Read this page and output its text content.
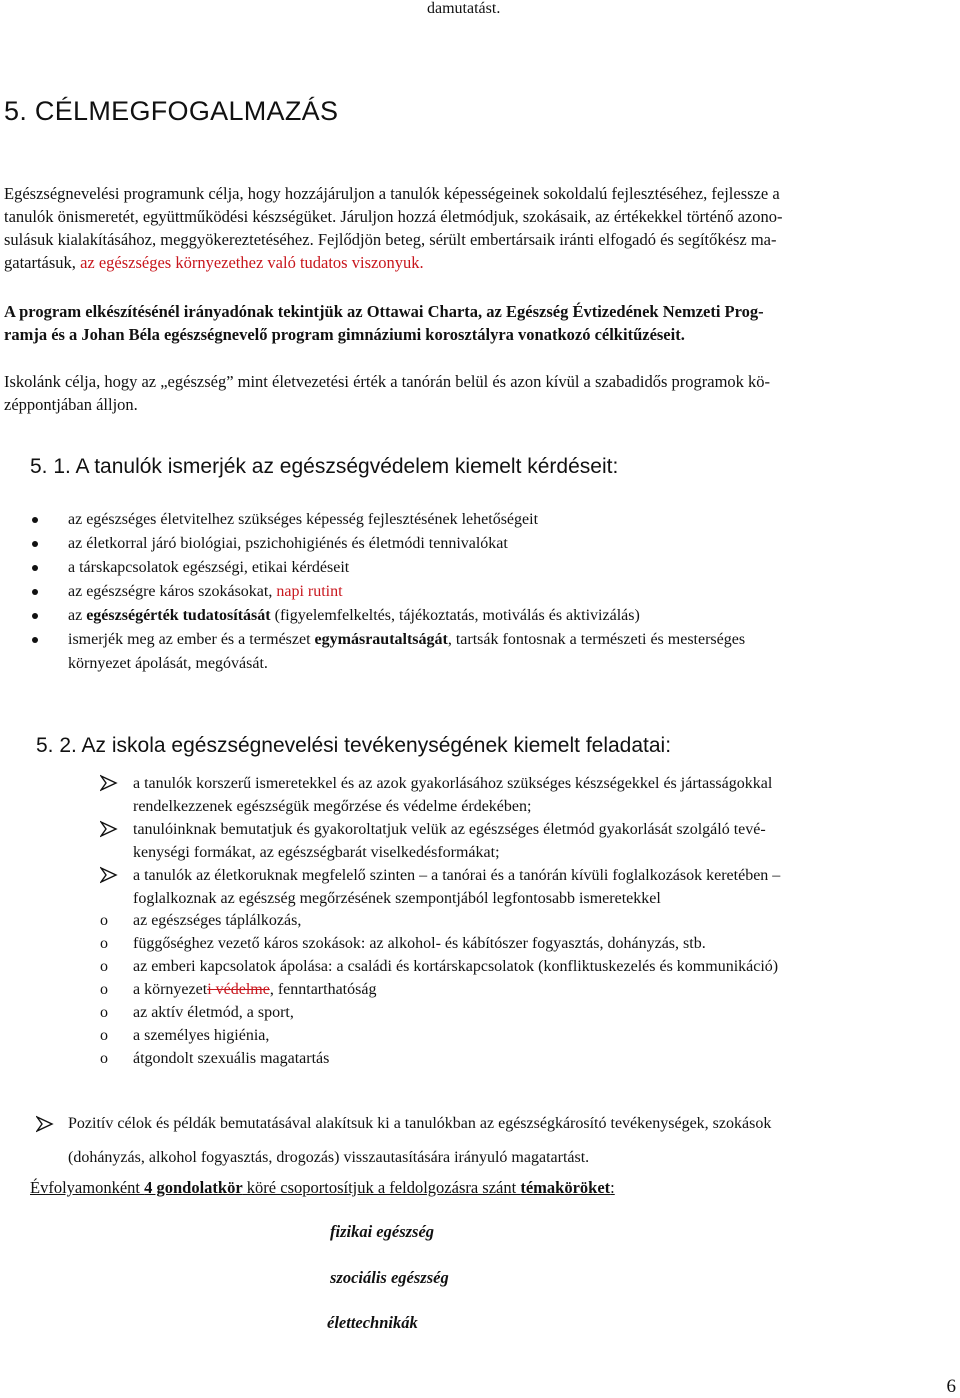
damutatást.
5. CÉLMEGFOGALMAZÁS
Egészségnevelési programunk célja, hogy hozzájáruljon a tanulók képességeinek sokoldalú fejlesztéséhez, fejlessze a
tanulók önismeretét, együttműködési készségüket. Járuljon hozzá életmódjuk, szokásaik, az értékekkel történő azono-
sulásuk kialakításához, meggyökereztetéséhez. Fejlődjön beteg, sérült embertársaik iránti elfogadó és segítőkész ma-
gatartásuk, az egészséges környezethez való tudatos viszonyuk.
A program elkészítésénél irányadónak tekintjük az Ottawai Charta, az Egészség Évtizedének Nemzeti Prog-
ramja és a Johan Béla egészségnevelő program gimnáziumi korosztályra vonatkozó célkitűzéseit.
Iskolánk célja, hogy az „egészség” mint életvezetési érték a tanórán belül és azon kívül a szabadidős programok kö-
zéppontjában álljon.
5. 1. A tanulók ismerjék az egészségvédelem kiemelt kérdéseit:
az egészséges életvitelhez szükséges képesség fejlesztésének lehetőségeit
az életkorral járó biológiai, pszichohigiénés és életmódi tennivalókat
a társkapcsolatok egészségi, etikai kérdéseit
az egészségre káros szokásokat, napi rutint
az egészségérték tudatosítását (figyelemfelkeltés, tájékoztatás, motiválás és aktivizálás)
ismerjék meg az ember és a természet egymásrautaltságát, tartsák fontosnak a természeti és mesterséges
környezet ápolását, megóvását.
5. 2. Az iskola egészségnevelési tevékenységének kiemelt feladatai:
a tanulók korszerű ismeretekkel és az azok gyakorlásához szükséges készségekkel és jártasságokkal
rendelkezzenek egészségük megőrzése és védelme érdekében;
tanulóinknak bemutatjuk és gyakoroltatjuk velük az egészséges életmód gyakorlását szolgáló tevé-
kenységi formákat, az egészségbarát viselkedésformákat;
a tanulók az életkoruknak megfelelő szinten – a tanórai és a tanórán kívüli foglalkozások keretében –
foglalkoznak az egészség megőrzésének szempontjából legfontosabb ismeretekkel
o az egészséges táplálkozás,
o függőséghez vezető káros szokások: az alkohol- és kábítószer fogyasztás, dohányzás, stb.
o az emberi kapcsolatok ápolása: a családi és kortárskapcsolatok (konfliktuskezelés és kommunikáció)
o a környezeti védelme, fenntarthatóság
o az aktív életmód, a sport,
o a személyes higiénia,
o átgondolt szexuális magatartás
Pozitív célok és példák bemutatásával alakítsuk ki a tanulókban az egészségkárosító tevékenységek, szokások
(dohányzás, alkohol fogyasztás, drogozás) visszautasítására irányuló magatartást.
Évfolyamonként 4 gondolatkör köré csoportosítjuk a feldolgozásra szánt témaköröket:
fizikai egészség
szociális egészség
élettechnikák
6
